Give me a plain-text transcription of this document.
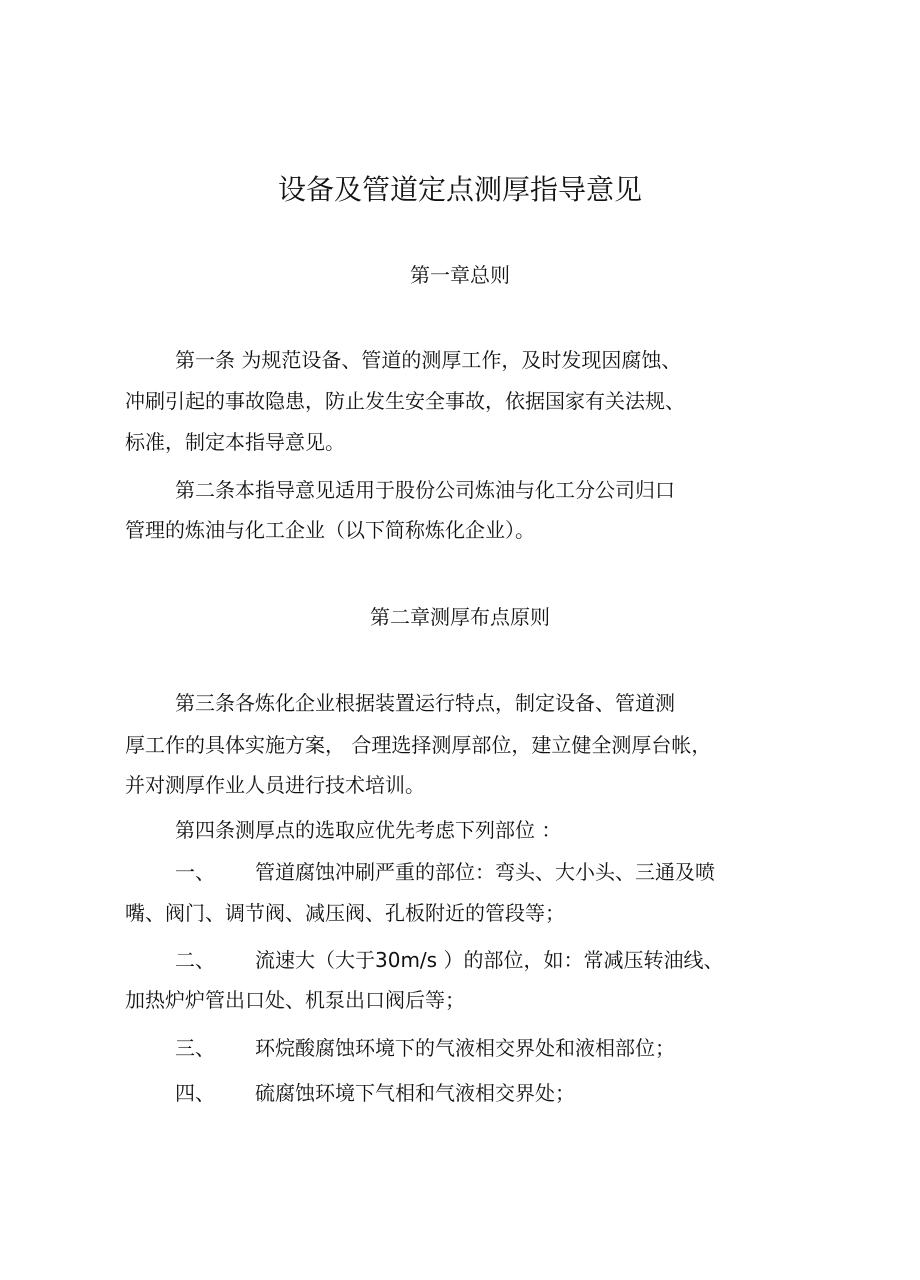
设备及管道定点测厚指导意见
第一章总则
第一条 为规范设备、管道的测厚工作，及时发现因腐蚀、
冲刷引起的事故隐患，防止发生安全事故，依据国家有关法规、
标准，制定本指导意见。
第二条本指导意见适用于股份公司炼油与化工分公司归口
管理的炼油与化工企业（以下简称炼化企业）。
第二章测厚布点原则
第三条各炼化企业根据装置运行特点，制定设备、管道测
厚工作的具体实施方案， 合理选择测厚部位，建立健全测厚台帐，
并对测厚作业人员进行技术培训。
第四条测厚点的选取应优先考虑下列部位 ：
一、 管道腐蚀冲刷严重的部位：弯头、大小头、三通及喷
嘴、阀门、调节阀、减压阀、孔板附近的管段等；
二、 流速大（大于30m/s ）的部位，如：常减压转油线、
加热炉炉管出口处、机泵出口阀后等；
三、 环烷酸腐蚀环境下的气液相交界处和液相部位；
四、 硫腐蚀环境下气相和气液相交界处；
